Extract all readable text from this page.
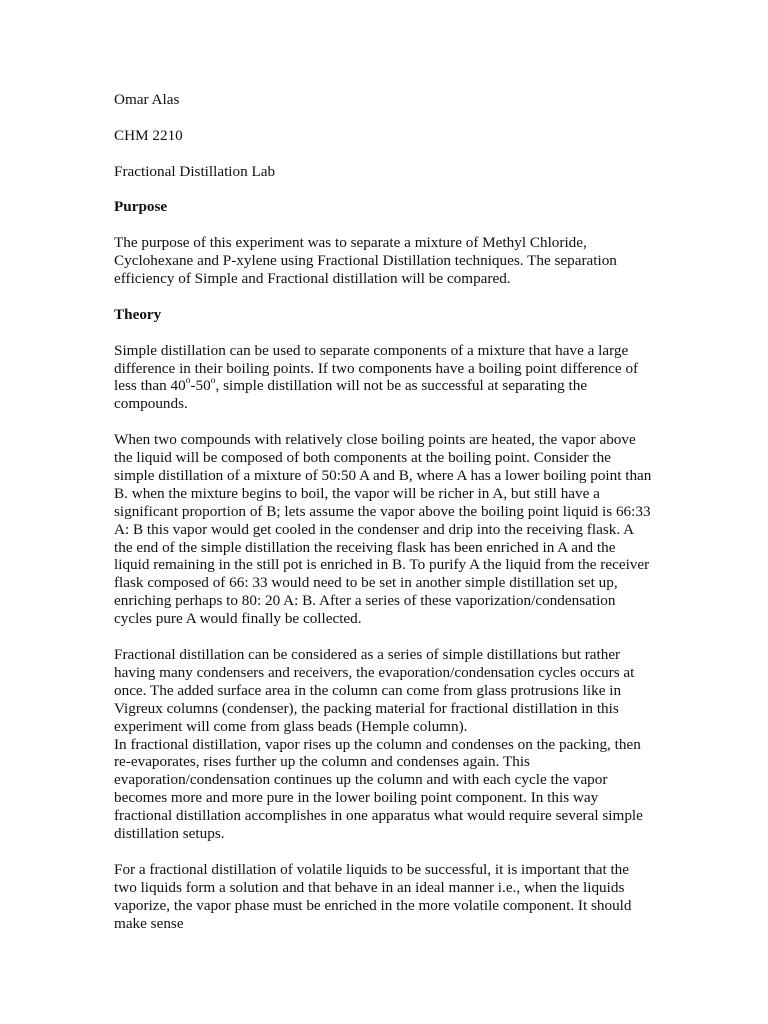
Omar Alas

CHM 2210

Fractional Distillation Lab

Purpose

The purpose of this experiment was to separate a mixture of Methyl Chloride, Cyclohexane and P-xylene using Fractional Distillation techniques. The separation efficiency of Simple and Fractional distillation will be compared.

Theory

Simple distillation can be used to separate components of a mixture that have a large difference in their boiling points. If two components have a boiling point difference of less than 40$^o$-50$^o$, simple distillation will not be as successful at separating the compounds.

When two compounds with relatively close boiling points are heated, the vapor above the liquid will be composed of both components at the boiling point. Consider the simple distillation of a mixture of 50:50 A and B, where A has a lower boiling point than B. when the mixture begins to boil, the vapor will be richer in A, but still have a significant proportion of B; lets assume the vapor above the boiling point liquid is 66:33 A: B this vapor would get cooled in the condenser and drip into the receiving flask. A the end of the simple distillation the receiving flask has been enriched in A and the liquid remaining in the still pot is enriched in B. To purify A the liquid from the receiver flask composed of 66: 33 would need to be set in another simple distillation set up, enriching perhaps to 80: 20 A: B. After a series of these vaporization/condensation cycles pure A would finally be collected.

Fractional distillation can be considered as a series of simple distillations but rather having many condensers and receivers, the evaporation/condensation cycles occurs at once. The added surface area in the column can come from glass protrusions like in Vigreux columns (condenser), the packing material for fractional distillation in this experiment will come from glass beads (Hemple column).

In fractional distillation, vapor rises up the column and condenses on the packing, then re-evaporates, rises further up the column and condenses again. This evaporation/condensation continues up the column and with each cycle the vapor becomes more and more pure in the lower boiling point component. In this way fractional distillation accomplishes in one apparatus what would require several simple distillation setups.

For a fractional distillation of volatile liquids to be successful, it is important that the two liquids form a solution and that behave in an ideal manner i.e., when the liquids vaporize, the vapor phase must be enriched in the more volatile component. It should make sense
